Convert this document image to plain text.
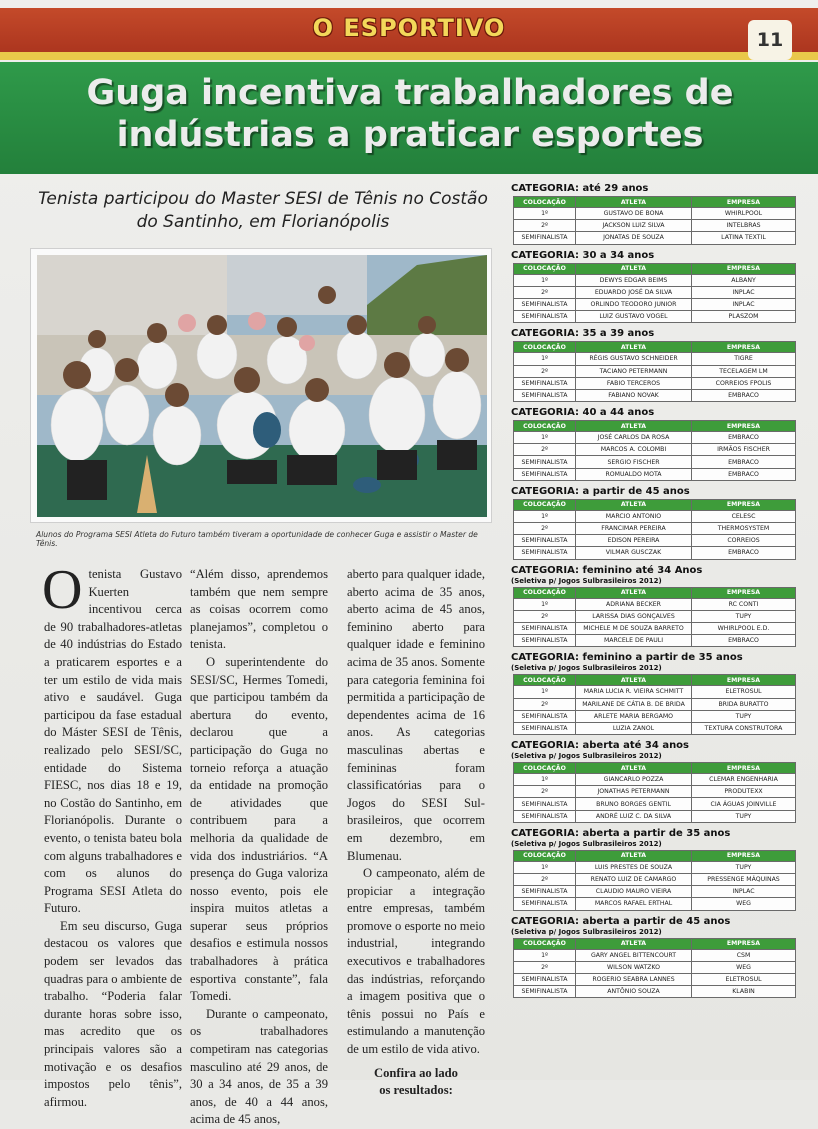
O ESPORTIVO	11
Guga incentiva trabalhadores de
indústrias a praticar esportes
Tenista participou do Master SESI de Tênis no Costão
do Santinho, em Florianópolis
Alunos do Programa SESI Atleta do Futuro também tiveram a oportunidade de conhecer Guga e assistir o Master de Tênis.

Otenista Gustavo Kuerten incentivou cerca de 90 trabalhadores-atletas de 40 indústrias do Estado a praticarem esportes e a ter um estilo de vida mais ativo e saudável. Guga participou da fase estadual do Máster SESI de Tênis, realizado pelo SESI/SC, entidade do Sistema FIESC, nos dias 18 e 19, no Costão do Santinho, em Florianópolis. Durante o evento, o tenista bateu bola com alguns trabalhadores e com os alunos do Programa SESI Atleta do Futuro.

Em seu discurso, Guga destacou os valores que podem ser levados das quadras para o ambiente de trabalho. “Poderia falar durante horas sobre isso, mas acredito que os principais valores são a motivação e os desafios impostos pelo tênis”, afirmou.

“Além disso, aprendemos também que nem sempre as coisas ocorrem como planejamos”, completou o tenista.

O superintendente do SESI/SC, Hermes Tomedi, que participou também da abertura do evento, declarou que a participação do Guga no torneio reforça a atuação da entidade na promoção de atividades que contribuem para a melhoria da qualidade de vida dos industriários. “A presença do Guga valoriza nosso evento, pois ele inspira muitos atletas a superar seus próprios desafios e estimula nossos trabalhadores à prática esportiva constante”, fala Tomedi.

Durante o campeonato, os trabalhadores competiram nas categorias masculino até 29 anos, de 30 a 34 anos, de 35 a 39 anos, de 40 a 44 anos, acima de 45 anos,

aberto para qualquer idade, aberto acima de 35 anos, aberto acima de 45 anos, feminino aberto para qualquer idade e feminino acima de 35 anos. Somente para categoria feminina foi permitida a participação de dependentes acima de 16 anos. As categorias masculinas abertas e femininas foram classificatórias para o Jogos do SESI Sul-brasileiros, que ocorrem em dezembro, em Blumenau.

O campeonato, além de propiciar a integração entre empresas, também promove o esporte no meio industrial, integrando executivos e trabalhadores das indústrias, reforçando a imagem positiva que o tênis possui no País e estimulando a manutenção de um estilo de vida ativo.

Confira ao lado
os resultados:
CATEGORIA: até 29 anos
COLOCAÇÃO	ATLETA	EMPRESA
1º	GUSTAVO DE BONA	WHIRLPOOL
2º	JACKSON LUIZ SILVA	INTELBRAS
SEMIFINALISTA	JONATAS DE SOUZA	LATINA TEXTIL
CATEGORIA: 30 a 34 anos
COLOCAÇÃO	ATLETA	EMPRESA
1º	DEWYS EDGAR BEIMS	ALBANY
2º	EDUARDO JOSÉ DA SILVA	INPLAC
SEMIFINALISTA	ORLINDO TEODORO JUNIOR	INPLAC
SEMIFINALISTA	LUIZ GUSTAVO VOGEL	PLASZOM
CATEGORIA: 35 a 39 anos
COLOCAÇÃO	ATLETA	EMPRESA
1º	RÉGIS GUSTAVO SCHNEIDER	TIGRE
2º	TACIANO PETERMANN	TECELAGEM LM
SEMIFINALISTA	FABIO TERCEROS	CORREIOS FPOLIS
SEMIFINALISTA	FABIANO NOVAK	EMBRACO
CATEGORIA: 40 a 44 anos
COLOCAÇÃO	ATLETA	EMPRESA
1º	JOSÉ CARLOS DA ROSA	EMBRACO
2º	MARCOS A. COLOMBI	IRMÃOS FISCHER
SEMIFINALISTA	SERGIO FISCHER	EMBRACO
SEMIFINALISTA	ROMUALDO MOTA	EMBRACO
CATEGORIA: a partir de 45 anos
COLOCAÇÃO	ATLETA	EMPRESA
1º	MARCIO ANTONIO	CELESC
2º	FRANCIMAR PEREIRA	THERMOSYSTEM
SEMIFINALISTA	EDISON PEREIRA	CORREIOS
SEMIFINALISTA	VILMAR GUSCZAK	EMBRACO
CATEGORIA: feminino até 34 Anos
(Seletiva p/ Jogos Sulbrasileiros 2012)
COLOCAÇÃO	ATLETA	EMPRESA
1º	ADRIANA BECKER	RC CONTI
2º	LARISSA DIAS GONÇALVES	TUPY
SEMIFINALISTA	MICHELE M DE SOUZA BARRETO	WHIRLPOOL E.D.
SEMIFINALISTA	MARCELE DE PAULI	EMBRACO
CATEGORIA: feminino a partir de 35 anos
(Seletiva p/ Jogos Sulbrasileiros 2012)
COLOCAÇÃO	ATLETA	EMPRESA
1º	MARIA LUCIA R. VIEIRA SCHMITT	ELETROSUL
2º	MARILANE DE CÁTIA B. DE BRIDA	BRIDA BURATTO
SEMIFINALISTA	ARLETE MARIA BERGAMO	TUPY
SEMIFINALISTA	LUZIA ZANOL	TEXTURA CONSTRUTORA
CATEGORIA: aberta até 34 anos
(Seletiva p/ Jogos Sulbrasileiros 2012)
COLOCAÇÃO	ATLETA	EMPRESA
1º	GIANCARLO POZZA	CLEMAR ENGENHARIA
2º	JONATHAS PETERMANN	PRODUTEXX
SEMIFINALISTA	BRUNO BORGES GENTIL	CIA ÁGUAS JOINVILLE
SEMIFINALISTA	ANDRÉ LUIZ C. DA SILVA	TUPY
CATEGORIA: aberta a partir de 35 anos
(Seletiva p/ Jogos Sulbrasileiros 2012)
COLOCAÇÃO	ATLETA	EMPRESA
1º	LUIS PRESTES DE SOUZA	TUPY
2º	RENATO LUIZ DE CAMARGO	PRESSENGE MÁQUINAS
SEMIFINALISTA	CLAUDIO MAURO VIEIRA	INPLAC
SEMIFINALISTA	MARCOS RAFAEL ERTHAL	WEG
CATEGORIA: aberta a partir de 45 anos
(Seletiva p/ Jogos Sulbrasileiros 2012)
COLOCAÇÃO	ATLETA	EMPRESA
1º	GARY ANGEL BITTENCOURT	CSM
2º	WILSON WATZKO	WEG
SEMIFINALISTA	ROGERIO SEABRA LANNES	ELETROSUL
SEMIFINALISTA	ANTÔNIO SOUZA	KLABIN
